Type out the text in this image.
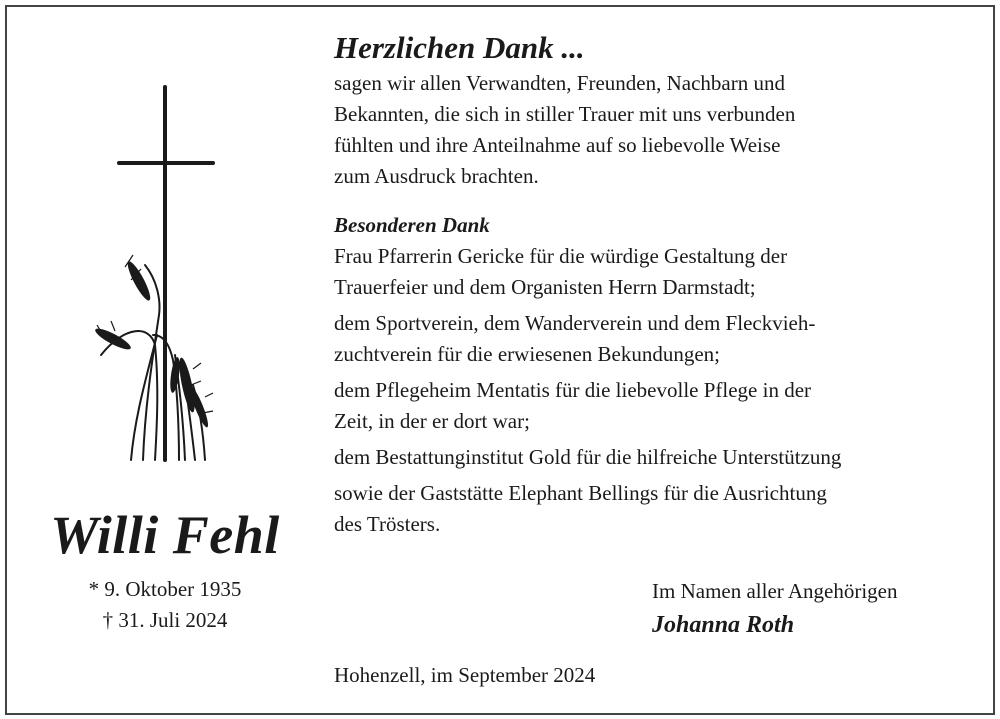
Willi Fehl
* 9. Oktober 1935
† 31. Juli 2024
Herzlichen Dank ...
sagen wir allen Verwandten, Freunden, Nachbarn und
Bekannten, die sich in stiller Trauer mit uns verbunden
fühlten und ihre Anteilnahme auf so liebevolle Weise
zum Ausdruck brachten.
Besonderen Dank
Frau Pfarrerin Gericke für die würdige Gestaltung der
Trauerfeier und dem Organisten Herrn Darmstadt;
dem Sportverein, dem Wanderverein und dem Fleckvieh-
zuchtverein für die erwiesenen Bekundungen;
dem Pflegeheim Mentatis für die liebevolle Pflege in der
Zeit, in der er dort war;
dem Bestattunginstitut Gold für die hilfreiche Unterstützung
sowie der Gaststätte Elephant Bellings für die Ausrichtung
des Trösters.
Im Namen aller Angehörigen
Johanna Roth
Hohenzell, im September 2024
